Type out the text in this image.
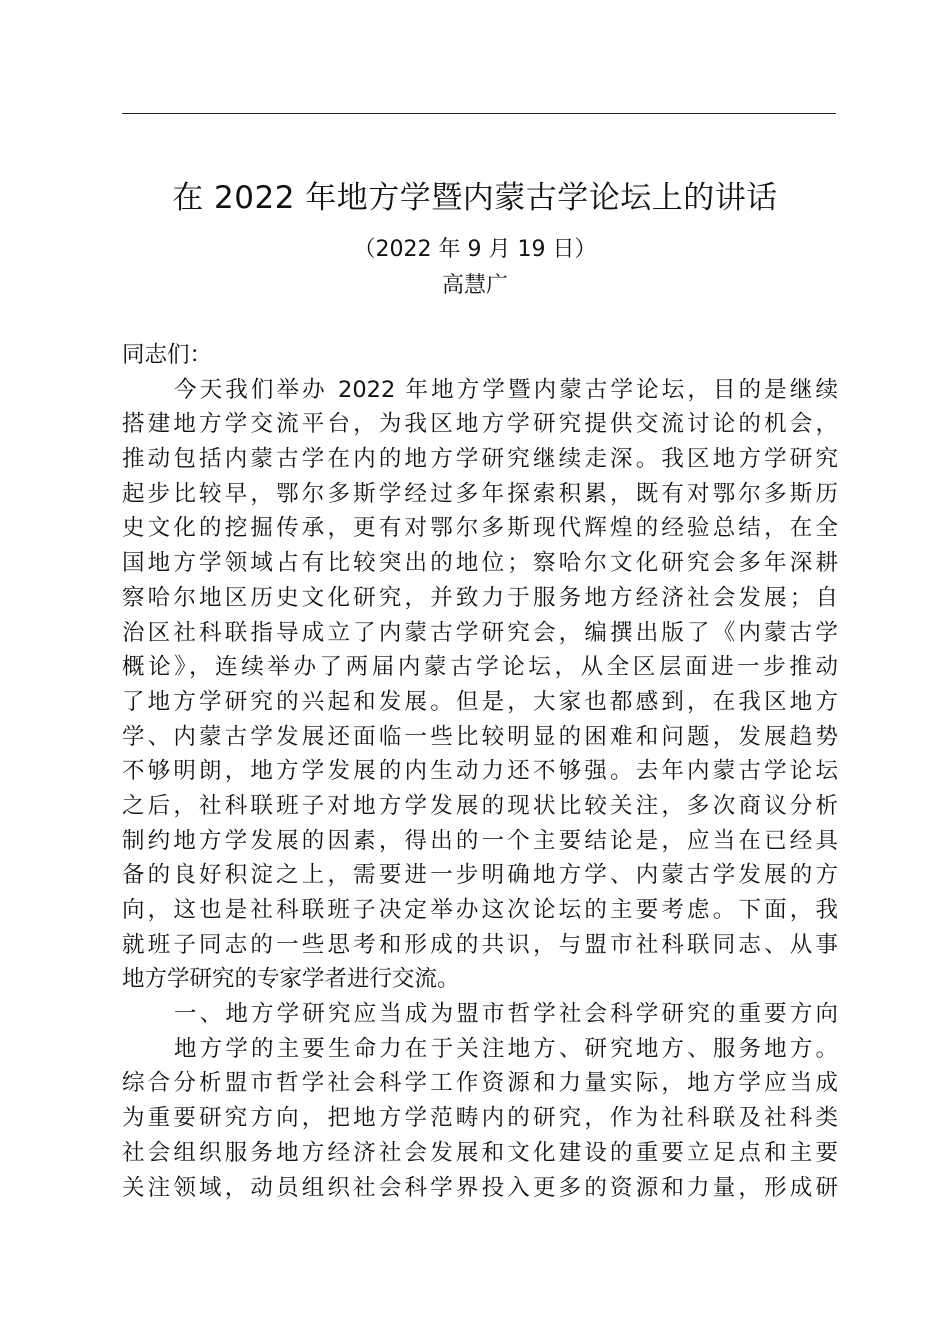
在 2022 年地方学暨内蒙古学论坛上的讲话
（2022 年 9 月 19 日）
高慧广
同志们：
今天我们举办 2022 年地方学暨内蒙古学论坛，目的是继续
搭建地方学交流平台，为我区地方学研究提供交流讨论的机会，
推动包括内蒙古学在内的地方学研究继续走深。我区地方学研究
起步比较早，鄂尔多斯学经过多年探索积累，既有对鄂尔多斯历
史文化的挖掘传承，更有对鄂尔多斯现代辉煌的经验总结，在全
国地方学领域占有比较突出的地位；察哈尔文化研究会多年深耕
察哈尔地区历史文化研究，并致力于服务地方经济社会发展；自
治区社科联指导成立了内蒙古学研究会，编撰出版了《内蒙古学
概论》，连续举办了两届内蒙古学论坛，从全区层面进一步推动
了地方学研究的兴起和发展。但是，大家也都感到，在我区地方
学、内蒙古学发展还面临一些比较明显的困难和问题，发展趋势
不够明朗，地方学发展的内生动力还不够强。去年内蒙古学论坛
之后，社科联班子对地方学发展的现状比较关注，多次商议分析
制约地方学发展的因素，得出的一个主要结论是，应当在已经具
备的良好积淀之上，需要进一步明确地方学、内蒙古学发展的方
向，这也是社科联班子决定举办这次论坛的主要考虑。下面，我
就班子同志的一些思考和形成的共识，与盟市社科联同志、从事
地方学研究的专家学者进行交流。
一、地方学研究应当成为盟市哲学社会科学研究的重要方向
地方学的主要生命力在于关注地方、研究地方、服务地方。
综合分析盟市哲学社会科学工作资源和力量实际，地方学应当成
为重要研究方向，把地方学范畴内的研究，作为社科联及社科类
社会组织服务地方经济社会发展和文化建设的重要立足点和主要
关注领域，动员组织社会科学界投入更多的资源和力量，形成研
